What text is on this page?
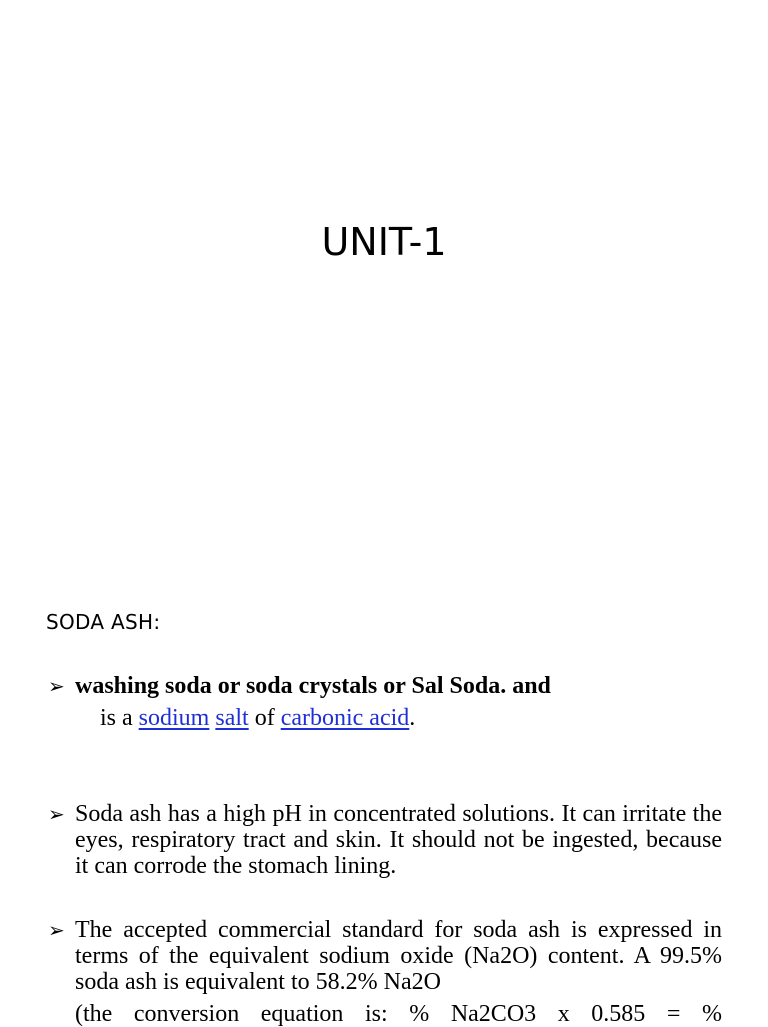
UNIT-1
SODA ASH:
➢ washing soda or soda crystals or Sal Soda. and
is a sodium salt of carbonic acid.
➢ Soda ash has a high pH in concentrated solutions. It can irritate the eyes, respiratory tract and skin. It should not be ingested, because it can corrode the stomach lining.
➢ The accepted commercial standard for soda ash is expressed in terms of the equivalent sodium oxide (Na2O) content. A 99.5% soda ash is equivalent to 58.2% Na2O
(the conversion equation is: % Na2CO3 x 0.585 = %
